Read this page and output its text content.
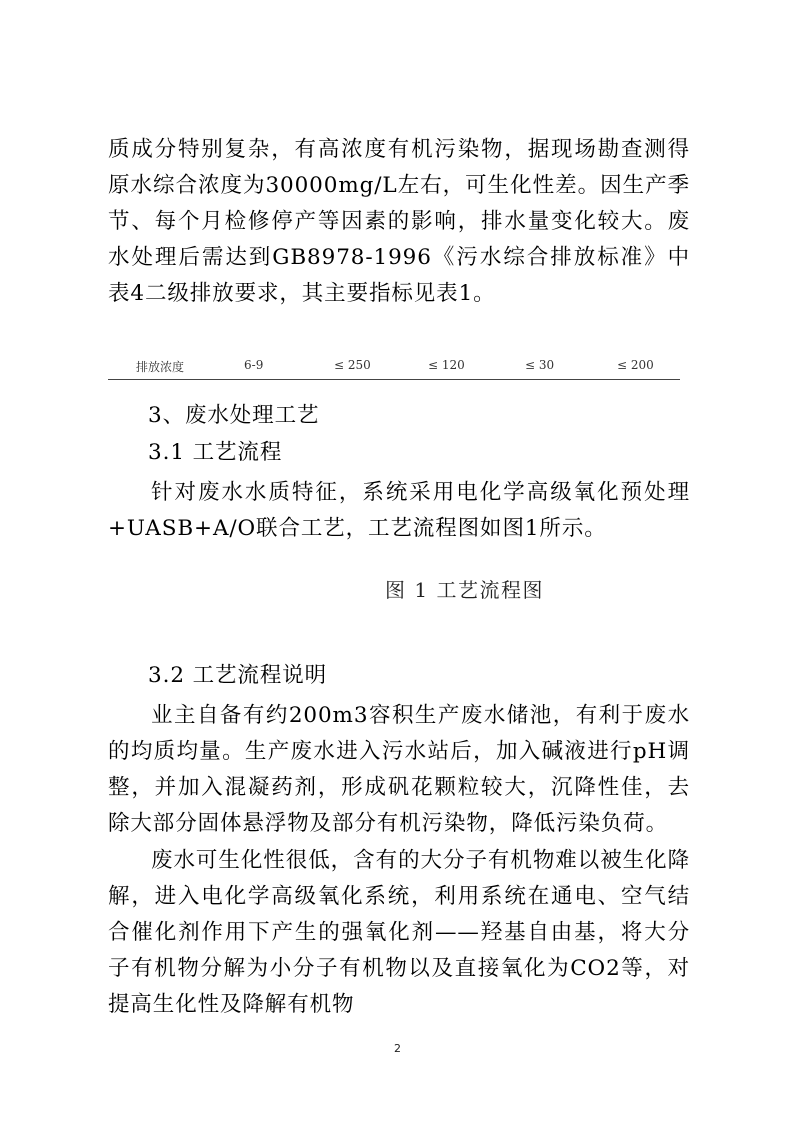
质成分特别复杂，有高浓度有机污染物，据现场勘查测得原水综合浓度为30000mg/L左右，可生化性差。因生产季节、每个月检修停产等因素的影响，排水量变化较大。废水处理后需达到GB8978-1996《污水综合排放标准》中表4二级排放要求，其主要指标见表1。

排放浓度	6-9	≤ 250	≤ 120	≤ 30	≤ 200

3、废水处理工艺

3.1 工艺流程

针对废水水质特征，系统采用电化学高级氧化预处理+UASB+A/O联合工艺，工艺流程图如图1所示。

图 1 工艺流程图

3.2 工艺流程说明

业主自备有约200m3容积生产废水储池，有利于废水的均质均量。生产废水进入污水站后，加入碱液进行pH调整，并加入混凝药剂，形成矾花颗粒较大，沉降性佳，去除大部分固体悬浮物及部分有机污染物，降低污染负荷。

废水可生化性很低，含有的大分子有机物难以被生化降解，进入电化学高级氧化系统，利用系统在通电、空气结合催化剂作用下产生的强氧化剂——羟基自由基，将大分子有机物分解为小分子有机物以及直接氧化为CO2等，对提高生化性及降解有机物

2
